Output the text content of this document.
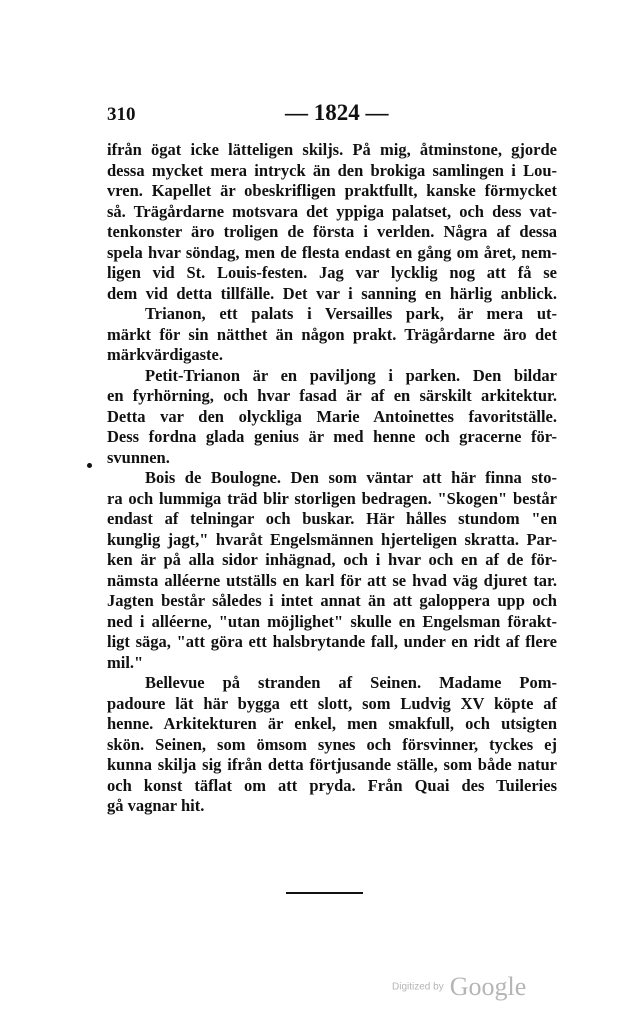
310	— 1824 —
ifrån ögat icke lätteligen skiljs. På mig, åtminstone, gjorde
dessa mycket mera intryck än den brokiga samlingen i Lou-
vren. Kapellet är obeskrifligen praktfullt, kanske förmycket
så. Trägårdarne motsvara det yppiga palatset, och dess vat-
tenkonster äro troligen de första i verlden. Några af dessa
spela hvar söndag, men de flesta endast en gång om året, nem-
ligen vid St. Louis-festen. Jag var lycklig nog att få se
dem vid detta tillfälle. Det var i sanning en härlig anblick.
Trianon, ett palats i Versailles park, är mera ut-
märkt för sin nätthet än någon prakt. Trägårdarne äro det
märkvärdigaste.
Petit-Trianon är en paviljong i parken. Den bildar
en fyrhörning, och hvar fasad är af en särskilt arkitektur.
Detta var den olyckliga Marie Antoinettes favoritställe.
Dess fordna glada genius är med henne och gracerne för-
svunnen.
Bois de Boulogne. Den som väntar att här finna sto-
ra och lummiga träd blir storligen bedragen. "Skogen" består
endast af telningar och buskar. Här hålles stundom "en
kunglig jagt," hvaråt Engelsmännen hjerteligen skratta. Par-
ken är på alla sidor inhägnad, och i hvar och en af de för-
nämsta alléerne utställs en karl för att se hvad väg djuret tar.
Jagten består således i intet annat än att galoppera upp och
ned i alléerne, "utan möjlighet" skulle en Engelsman förakt-
ligt säga, "att göra ett halsbrytande fall, under en ridt af flere
mil."
Bellevue på stranden af Seinen. Madame Pom-
padoure lät här bygga ett slott, som Ludvig XV köpte af
henne. Arkitekturen är enkel, men smakfull, och utsigten
skön. Seinen, som ömsom synes och försvinner, tyckes ej
kunna skilja sig ifrån detta förtjusande ställe, som både natur
och konst täflat om att pryda. Från Quai des Tuileries
gå vagnar hit.
Digitized by Google
